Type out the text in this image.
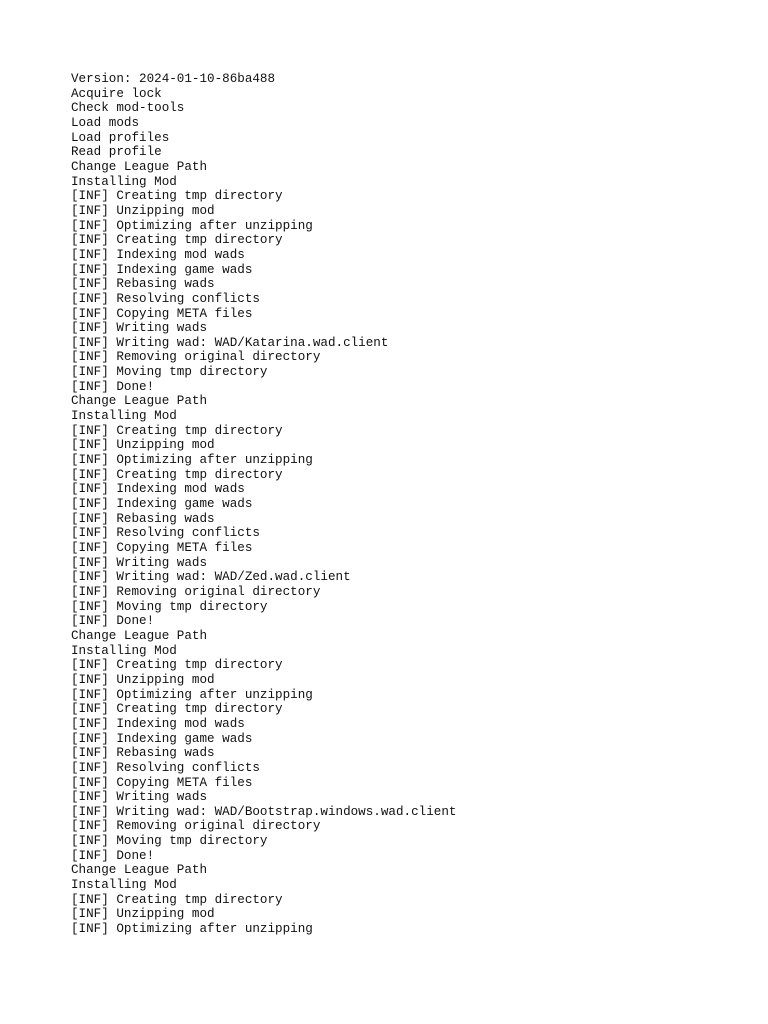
Version: 2024-01-10-86ba488
Acquire lock
Check mod-tools
Load mods
Load profiles
Read profile
Change League Path
Installing Mod
[INF] Creating tmp directory
[INF] Unzipping mod
[INF] Optimizing after unzipping
[INF] Creating tmp directory
[INF] Indexing mod wads
[INF] Indexing game wads
[INF] Rebasing wads
[INF] Resolving conflicts
[INF] Copying META files
[INF] Writing wads
[INF] Writing wad: WAD/Katarina.wad.client
[INF] Removing original directory
[INF] Moving tmp directory
[INF] Done!
Change League Path
Installing Mod
[INF] Creating tmp directory
[INF] Unzipping mod
[INF] Optimizing after unzipping
[INF] Creating tmp directory
[INF] Indexing mod wads
[INF] Indexing game wads
[INF] Rebasing wads
[INF] Resolving conflicts
[INF] Copying META files
[INF] Writing wads
[INF] Writing wad: WAD/Zed.wad.client
[INF] Removing original directory
[INF] Moving tmp directory
[INF] Done!
Change League Path
Installing Mod
[INF] Creating tmp directory
[INF] Unzipping mod
[INF] Optimizing after unzipping
[INF] Creating tmp directory
[INF] Indexing mod wads
[INF] Indexing game wads
[INF] Rebasing wads
[INF] Resolving conflicts
[INF] Copying META files
[INF] Writing wads
[INF] Writing wad: WAD/Bootstrap.windows.wad.client
[INF] Removing original directory
[INF] Moving tmp directory
[INF] Done!
Change League Path
Installing Mod
[INF] Creating tmp directory
[INF] Unzipping mod
[INF] Optimizing after unzipping
